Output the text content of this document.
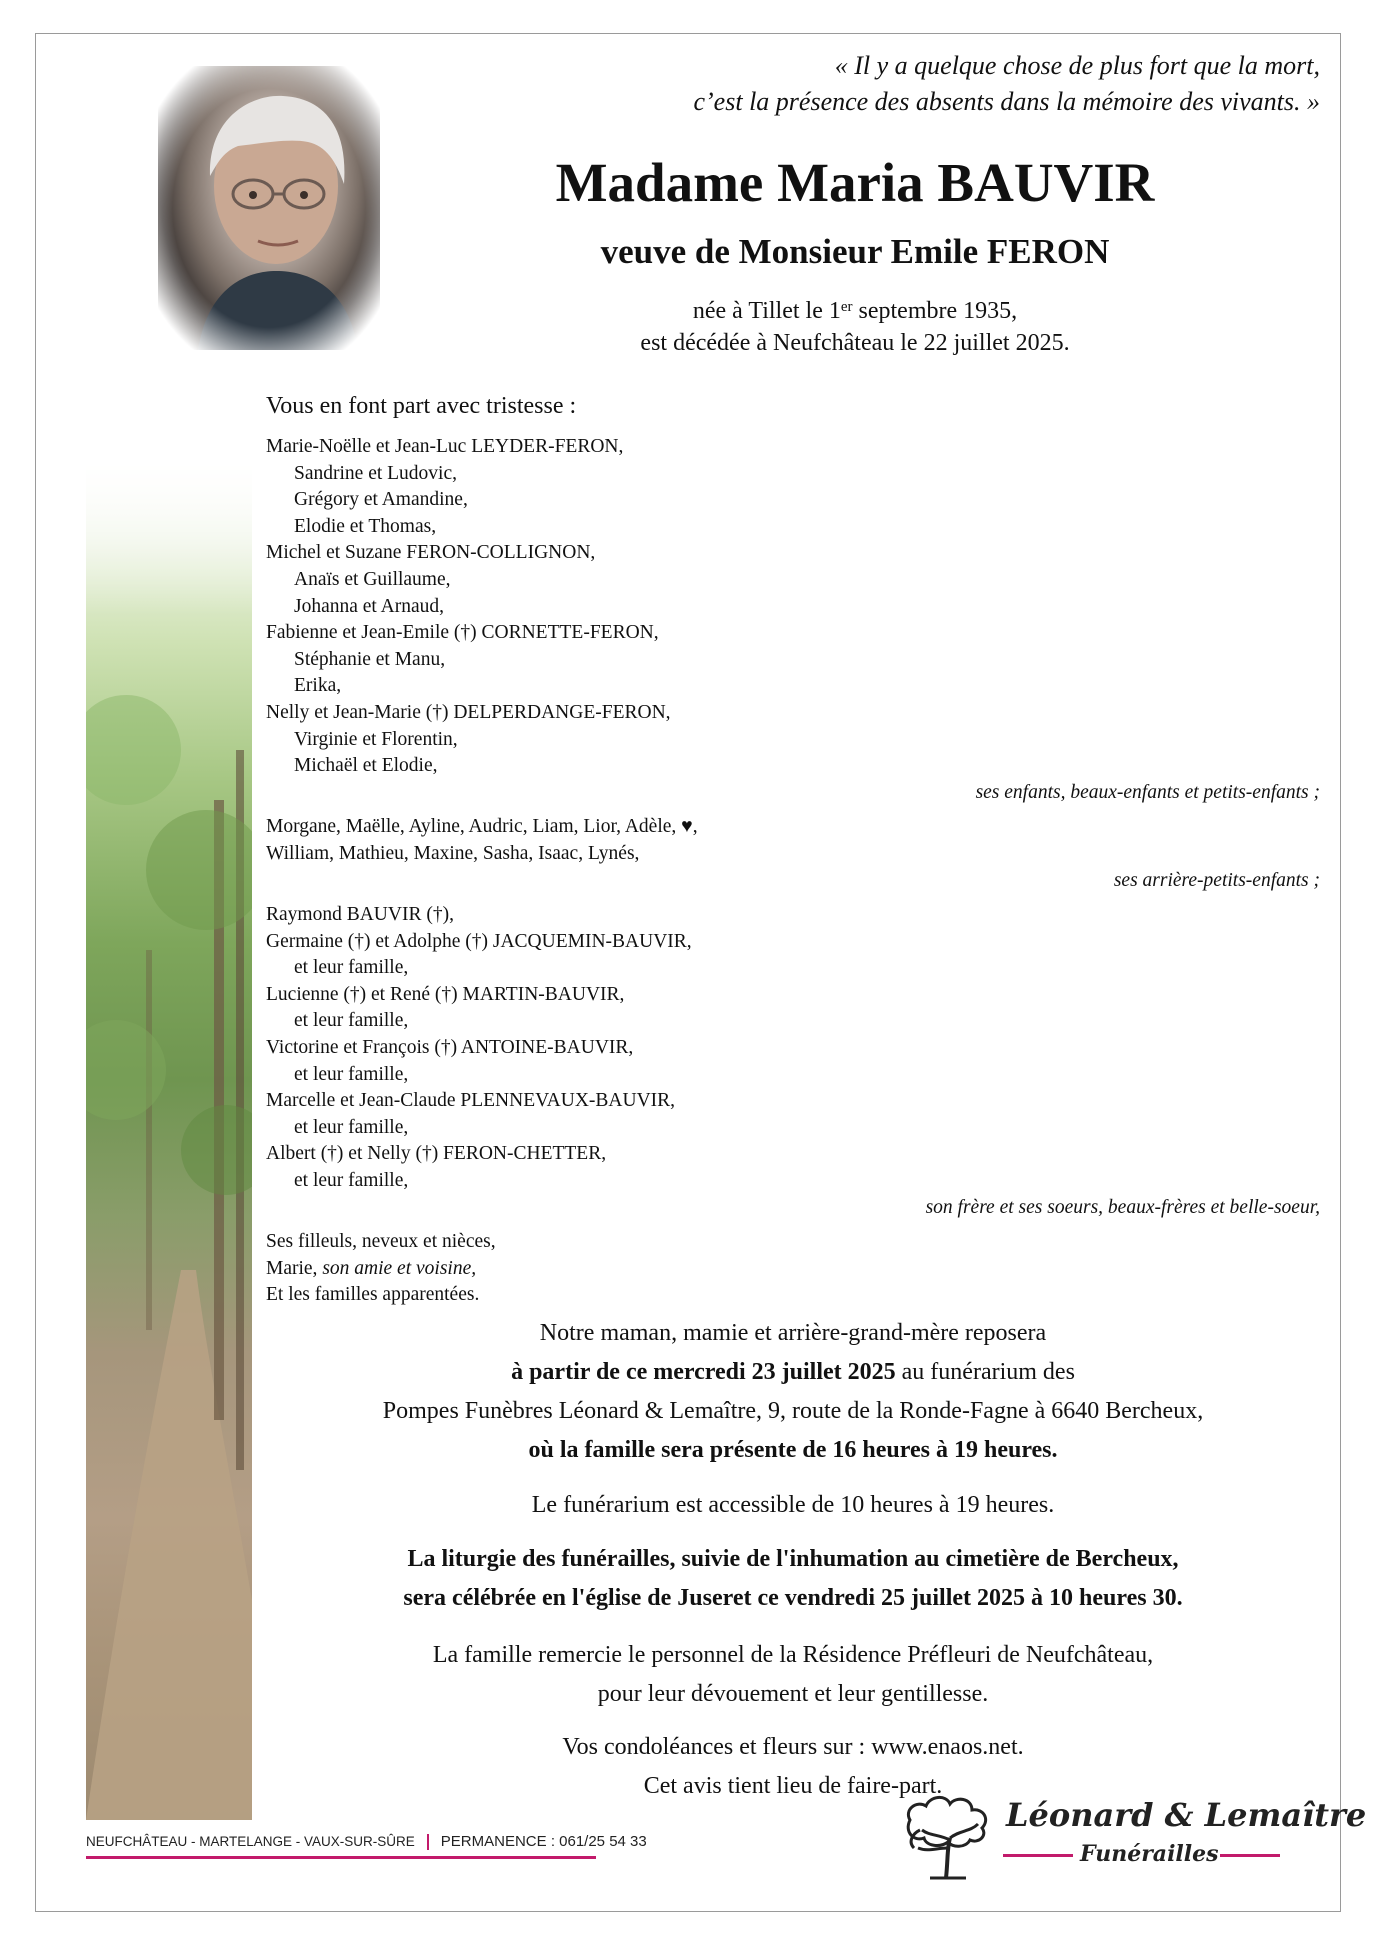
« Il y a quelque chose de plus fort que la mort,
c’est la présence des absents dans la mémoire des vivants. »
Madame Maria BAUVIR
veuve de Monsieur Emile FERON
née à Tillet le 1er septembre 1935,
est décédée à Neufchâteau le 22 juillet 2025.
Vous en font part avec tristesse :
Marie-Noëlle et Jean-Luc LEYDER-FERON,
Sandrine et Ludovic,
Grégory et Amandine,
Elodie et Thomas,
Michel et Suzane FERON-COLLIGNON,
Anaïs et Guillaume,
Johanna et Arnaud,
Fabienne et Jean-Emile (†) CORNETTE-FERON,
Stéphanie et Manu,
Erika,
Nelly et Jean-Marie (†) DELPERDANGE-FERON,
Virginie et Florentin,
Michaël et Elodie,
ses enfants, beaux-enfants et petits-enfants ;
Morgane, Maëlle, Ayline, Audric, Liam, Lior, Adèle, ♥,
William, Mathieu, Maxine, Sasha, Isaac, Lynés,
ses arrière-petits-enfants ;
Raymond BAUVIR (†),
Germaine (†) et Adolphe (†) JACQUEMIN-BAUVIR,
et leur famille,
Lucienne (†) et René (†) MARTIN-BAUVIR,
et leur famille,
Victorine et François (†) ANTOINE-BAUVIR,
et leur famille,
Marcelle et Jean-Claude PLENNEVAUX-BAUVIR,
et leur famille,
Albert (†) et Nelly (†) FERON-CHETTER,
et leur famille,
son frère et ses soeurs, beaux-frères et belle-soeur,
Ses filleuls, neveux et nièces,
Marie, son amie et voisine,
Et les familles apparentées.
Notre maman, mamie et arrière-grand-mère reposera
à partir de ce mercredi 23 juillet 2025 au funérarium des
Pompes Funèbres Léonard & Lemaître, 9, route de la Ronde-Fagne à 6640 Bercheux,
où la famille sera présente de 16 heures à 19 heures.
Le funérarium est accessible de 10 heures à 19 heures.
La liturgie des funérailles, suivie de l'inhumation au cimetière de Bercheux,
sera célébrée en l'église de Juseret ce vendredi 25 juillet 2025 à 10 heures 30.
La famille remercie le personnel de la Résidence Préfleuri de Neufchâteau,
pour leur dévouement et leur gentillesse.
Vos condoléances et fleurs sur : www.enaos.net.
Cet avis tient lieu de faire-part.
NEUFCHÂTEAU - MARTELANGE - VAUX-SUR-SÛRE PERMANENCE : 061/25 54 33
Léonard & Lemaître
Funérailles
